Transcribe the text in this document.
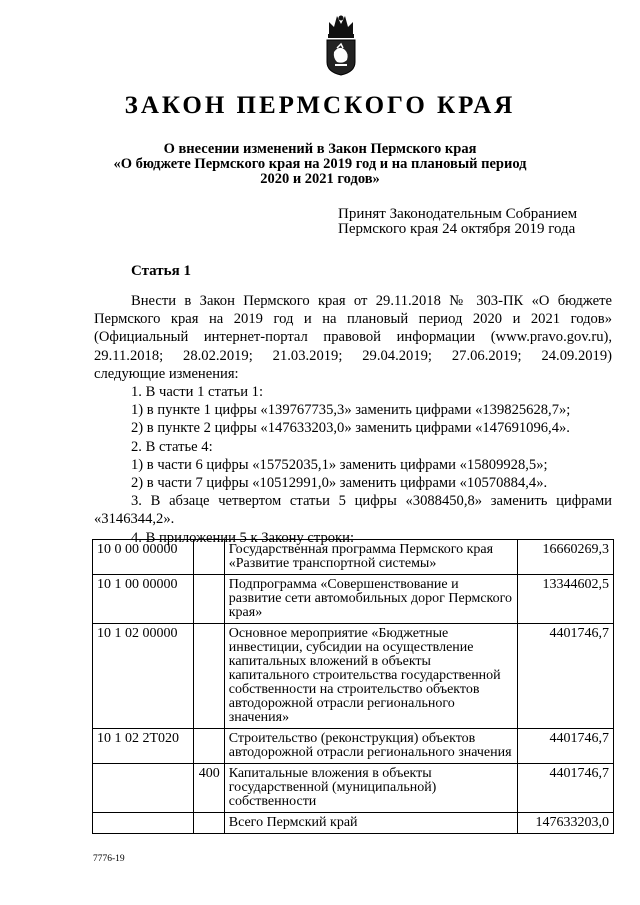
ЗАКОН ПЕРМСКОГО КРАЯ
О внесении изменений в Закон Пермского края
«О бюджете Пермского края на 2019 год и на плановый период
2020 и 2021 годов»
Принят Законодательным Собранием
Пермского края 24 октября 2019 года
Статья 1
Внести в Закон Пермского края от 29.11.2018 № 303-ПК «О бюджете
Пермского края на 2019 год и на плановый период 2020 и 2021 годов»
(Официальный интернет-портал правовой информации (www.pravo.gov.ru),
29.11.2018; 28.02.2019; 21.03.2019; 29.04.2019; 27.06.2019; 24.09.2019)
следующие изменения:
1. В части 1 статьи 1:
1) в пункте 1 цифры «139767735,3» заменить цифрами «139825628,7»;
2) в пункте 2 цифры «147633203,0» заменить цифрами «147691096,4».
2. В статье 4:
1) в части 6 цифры «15752035,1» заменить цифрами «15809928,5»;
2) в части 7 цифры «10512991,0» заменить цифрами «10570884,4».
3. В абзаце четвертом статьи 5 цифры «3088450,8» заменить цифрами
«3146344,2».
4. В приложении 5 к Закону строки:
10 0 00 00000		Государственная программа Пермского края «Развитие транспортной системы»	16660269,3
10 1 00 00000		Подпрограмма «Совершенствование и развитие сети автомобильных дорог Пермского края»	13344602,5
10 1 02 00000		Основное мероприятие «Бюджетные инвестиции, субсидии на осуществление капитальных вложений в объекты капитального строительства государственной собственности на строительство объектов автодорожной отрасли регионального значения»	4401746,7
10 1 02 2Т020		Строительство (реконструкция) объектов автодорожной отрасли регионального значения	4401746,7
	400	Капитальные вложения в объекты государственной (муниципальной) собственности	4401746,7
		Всего Пермский край	147633203,0
7776-19
